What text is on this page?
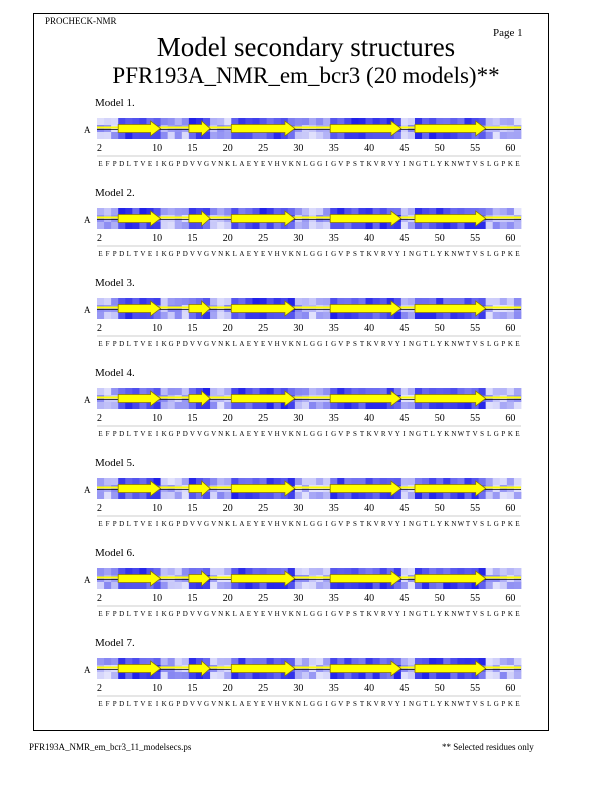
PROCHECK-NMR
Page 1
Model secondary structures
PFR193A_NMR_em_bcr3 (20 models)**
Model 1.
A
2	10	15	20	25	30	35	40	45	50	55	60
E F P D L T V E I K G P D V V G V N K L A E Y E V H V K N L G G I G V P S T K V R V Y I N G T L Y K N W T V S L G P K E
Model 2.
A
2	10	15	20	25	30	35	40	45	50	55	60
E F P D L T V E I K G P D V V G V N K L A E Y E V H V K N L G G I G V P S T K V R V Y I N G T L Y K N W T V S L G P K E
Model 3.
A
2	10	15	20	25	30	35	40	45	50	55	60
E F P D L T V E I K G P D V V G V N K L A E Y E V H V K N L G G I G V P S T K V R V Y I N G T L Y K N W T V S L G P K E
Model 4.
A
2	10	15	20	25	30	35	40	45	50	55	60
E F P D L T V E I K G P D V V G V N K L A E Y E V H V K N L G G I G V P S T K V R V Y I N G T L Y K N W T V S L G P K E
Model 5.
A
2	10	15	20	25	30	35	40	45	50	55	60
E F P D L T V E I K G P D V V G V N K L A E Y E V H V K N L G G I G V P S T K V R V Y I N G T L Y K N W T V S L G P K E
Model 6.
A
2	10	15	20	25	30	35	40	45	50	55	60
E F P D L T V E I K G P D V V G V N K L A E Y E V H V K N L G G I G V P S T K V R V Y I N G T L Y K N W T V S L G P K E
Model 7.
A
2	10	15	20	25	30	35	40	45	50	55	60
E F P D L T V E I K G P D V V G V N K L A E Y E V H V K N L G G I G V P S T K V R V Y I N G T L Y K N W T V S L G P K E
PFR193A_NMR_em_bcr3_11_modelsecs.ps	** Selected residues only
